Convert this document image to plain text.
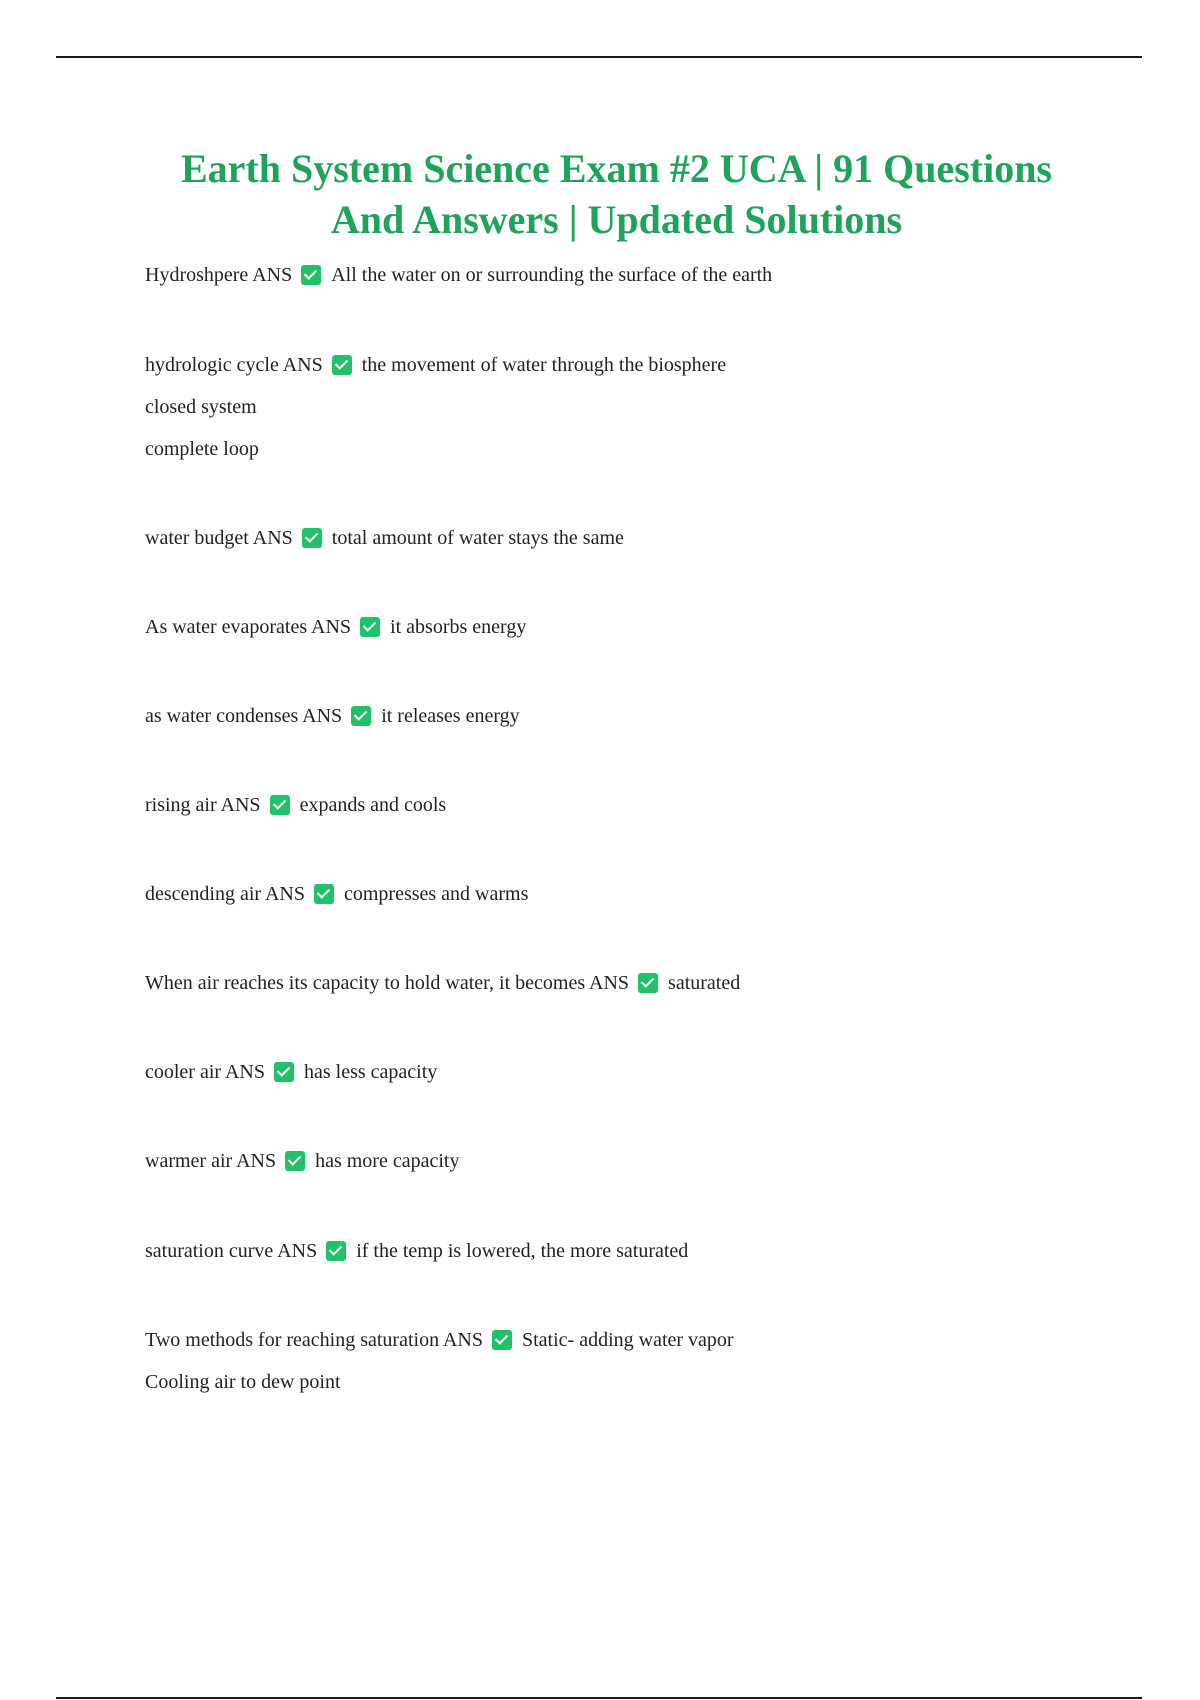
Earth System Science Exam #2 UCA | 91 Questions
And Answers | Updated Solutions
Hydroshpere ANS All the water on or surrounding the surface of the earth
hydrologic cycle ANS the movement of water through the biosphere
closed system
complete loop
water budget ANS total amount of water stays the same
As water evaporates ANS it absorbs energy
as water condenses ANS it releases energy
rising air ANS expands and cools
descending air ANS compresses and warms
When air reaches its capacity to hold water, it becomes ANS saturated
cooler air ANS has less capacity
warmer air ANS has more capacity
saturation curve ANS if the temp is lowered, the more saturated
Two methods for reaching saturation ANS Static- adding water vapor
Cooling air to dew point
